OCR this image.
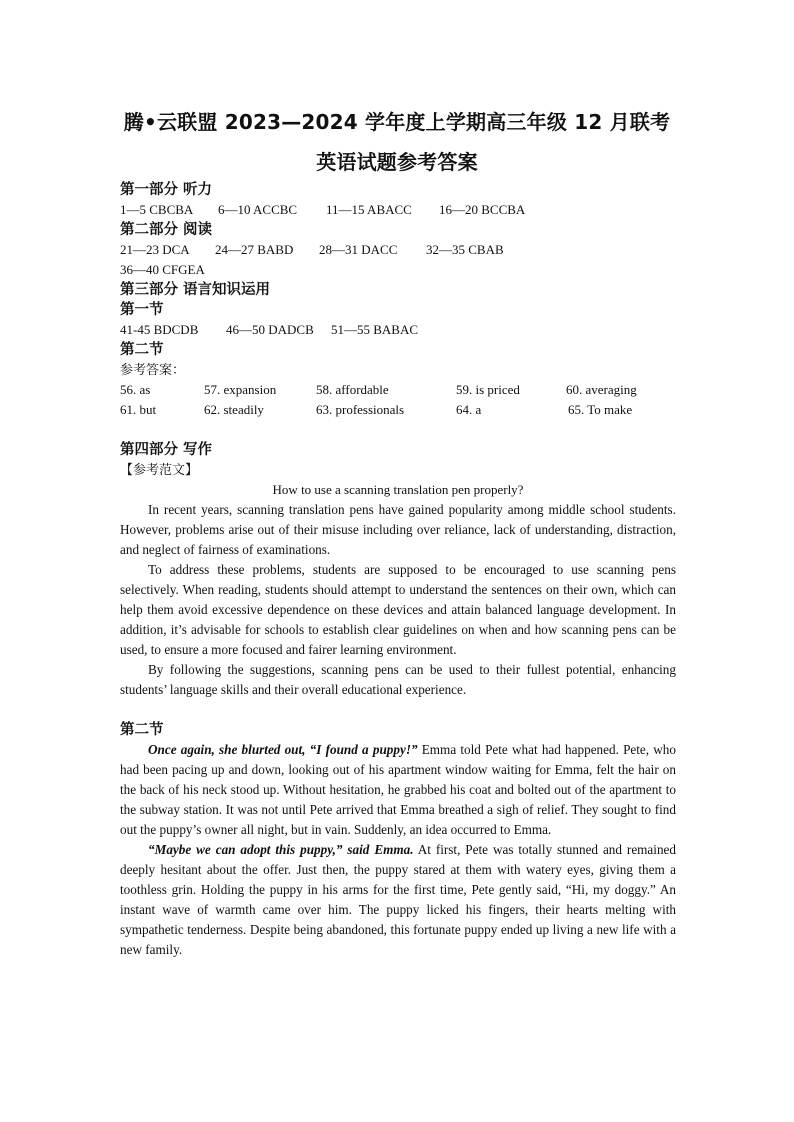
腾•云联盟 2023—2024 学年度上学期高三年级 12 月联考
英语试题参考答案
第一部分 听力
1—5 CBCBA	6—10 ACCBC	11—15 ABACC	16—20 BCCBA
第二部分 阅读
21—23 DCA	24—27 BABD	28—31 DACC	32—35 CBAB
36—40 CFGEA
第三部分 语言知识运用
第一节
41-45 BDCDB	46—50 DADCB	51—55 BABAC
第二节
参考答案：
56. as	57. expansion	58. affordable	59. is priced	60. averaging
61. but	62. steadily	63. professionals	64. a	65. To make
第四部分 写作
【参考范文】
How to use a scanning translation pen properly?

In recent years, scanning translation pens have gained popularity among middle school students. However, problems arise out of their misuse including over reliance, lack of understanding, distraction, and neglect of fairness of examinations.

To address these problems, students are supposed to be encouraged to use scanning pens selectively. When reading, students should attempt to understand the sentences on their own, which can help them avoid excessive dependence on these devices and attain balanced language development. In addition, it’s advisable for schools to establish clear guidelines on when and how scanning pens can be used, to ensure a more focused and fairer learning environment.

By following the suggestions, scanning pens can be used to their fullest potential, enhancing students’ language skills and their overall educational experience.

第二节

Once again, she blurted out, “I found a puppy!” Emma told Pete what had happened. Pete, who had been pacing up and down, looking out of his apartment window waiting for Emma, felt the hair on the back of his neck stood up. Without hesitation, he grabbed his coat and bolted out of the apartment to the subway station. It was not until Pete arrived that Emma breathed a sigh of relief. They sought to find out the puppy’s owner all night, but in vain. Suddenly, an idea occurred to Emma.

“Maybe we can adopt this puppy,” said Emma. At first, Pete was totally stunned and remained deeply hesitant about the offer. Just then, the puppy stared at them with watery eyes, giving them a toothless grin. Holding the puppy in his arms for the first time, Pete gently said, “Hi, my doggy.” An instant wave of warmth came over him. The puppy licked his fingers, their hearts melting with sympathetic tenderness. Despite being abandoned, this fortunate puppy ended up living a new life with a new family.
